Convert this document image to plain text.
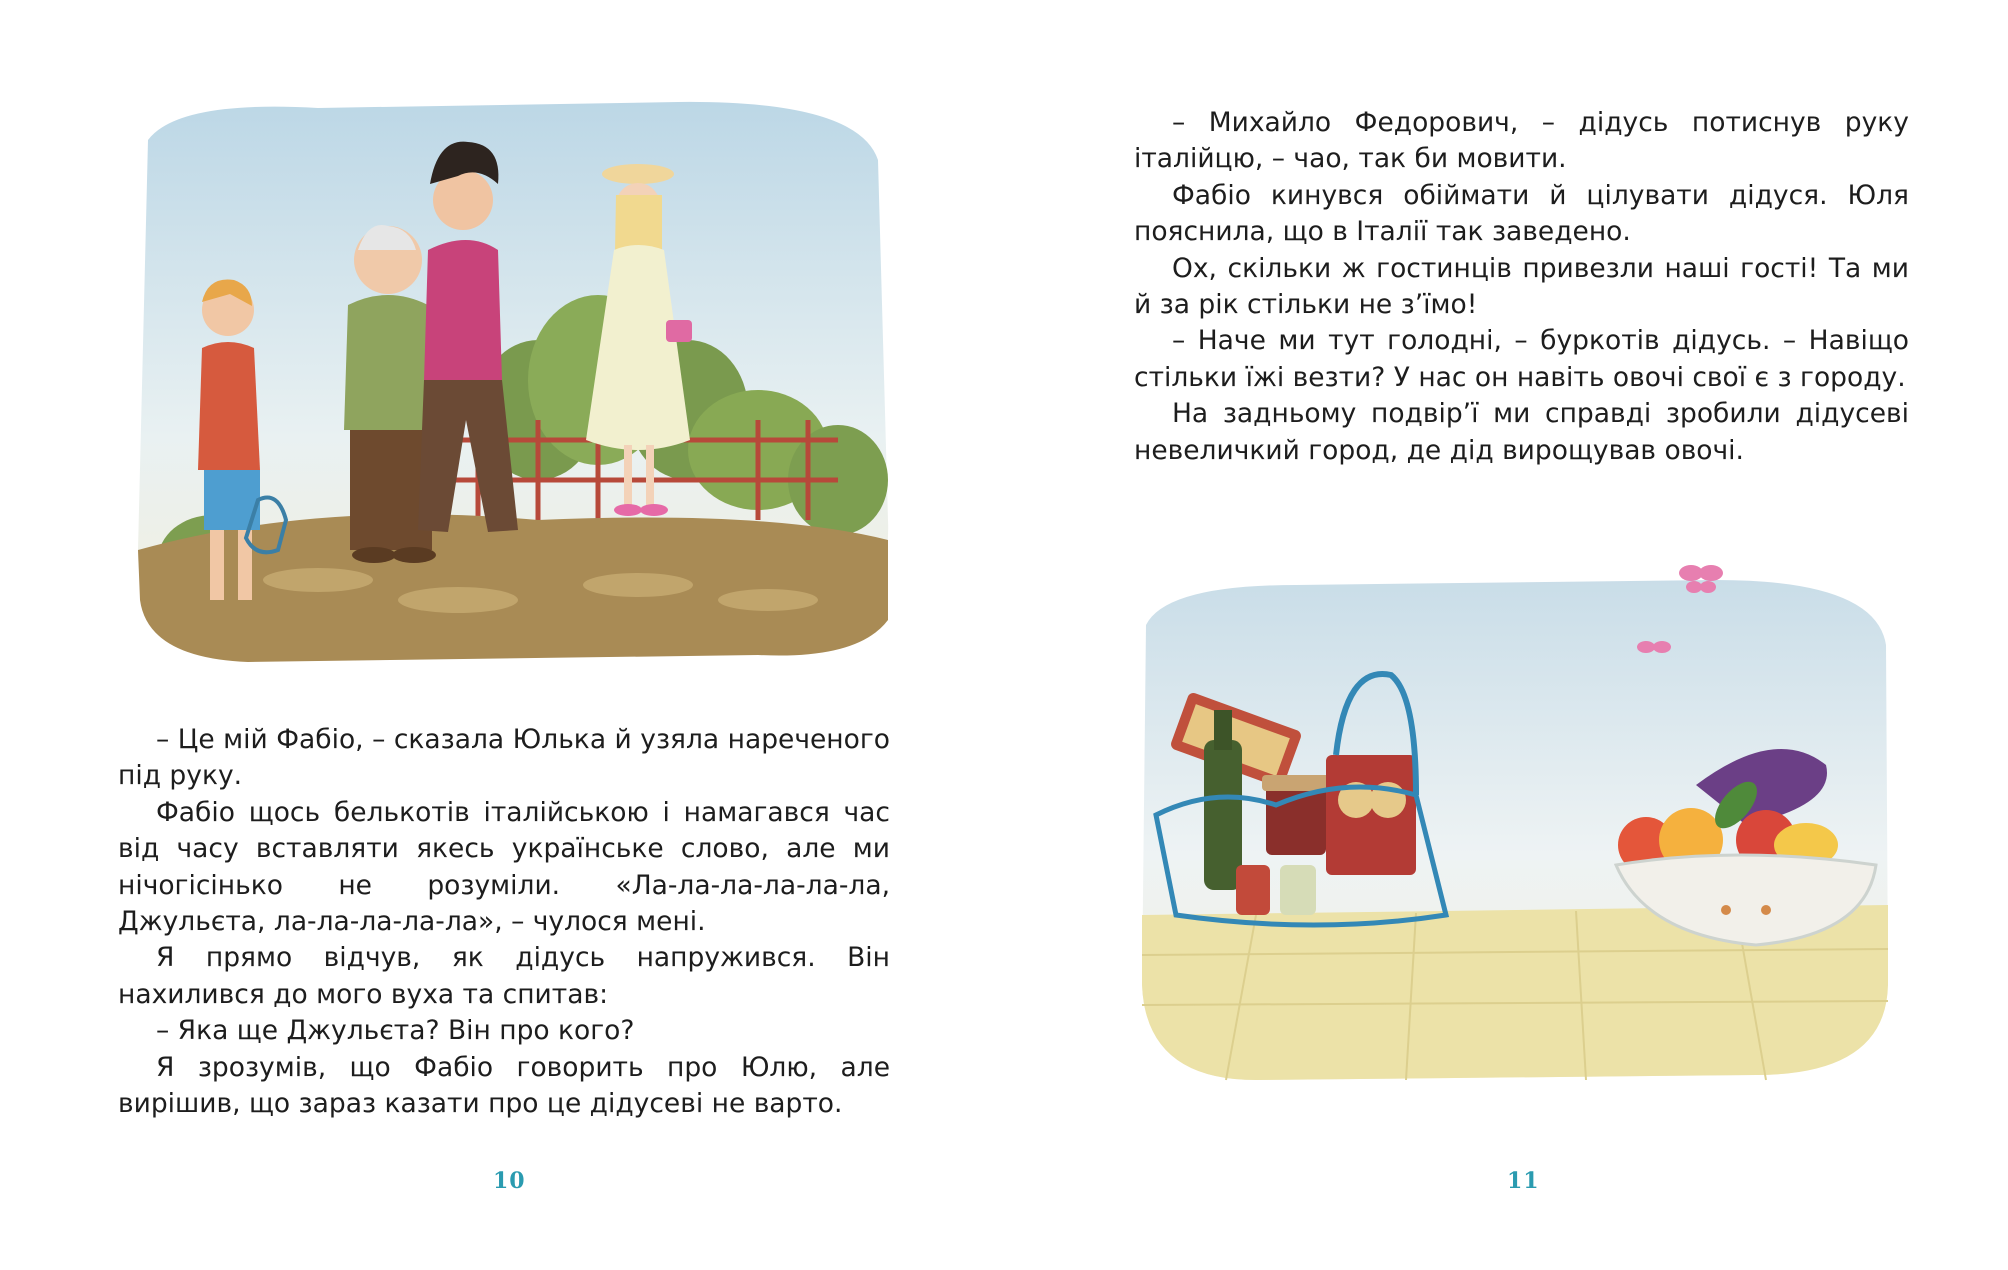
– Це мій Фабіо, – сказала Юлька й узяла нареченого під руку.

Фабіо щось белькотів італійською і намагався час від часу вставляти якесь українське слово, але ми нічогісінько не розуміли. «Ла-ла-ла-ла-ла-ла, Джульєта, ла-ла-ла-ла-ла», – чулося мені.

Я прямо відчув, як дідусь напружився. Він нахилився до мого вуха та спитав:

– Яка ще Джульєта? Він про кого?

Я зрозумів, що Фабіо говорить про Юлю, але вирішив, що зараз казати про це дідусеві не варто.

10

– Михайло Федорович, – дідусь потиснув руку італійцю, – чао, так би мовити.

Фабіо кинувся обіймати й цілувати дідуся. Юля пояснила, що в Італії так заведено.

Ох, скільки ж гостинців привезли наші гості! Та ми й за рік стільки не з’їмо!

– Наче ми тут голодні, – буркотів дідусь. – Навіщо стільки їжі везти? У нас он навіть овочі свої є з городу.

На задньому подвір’ї ми справді зробили дідусеві невеличкий город, де дід вирощував овочі.

11
